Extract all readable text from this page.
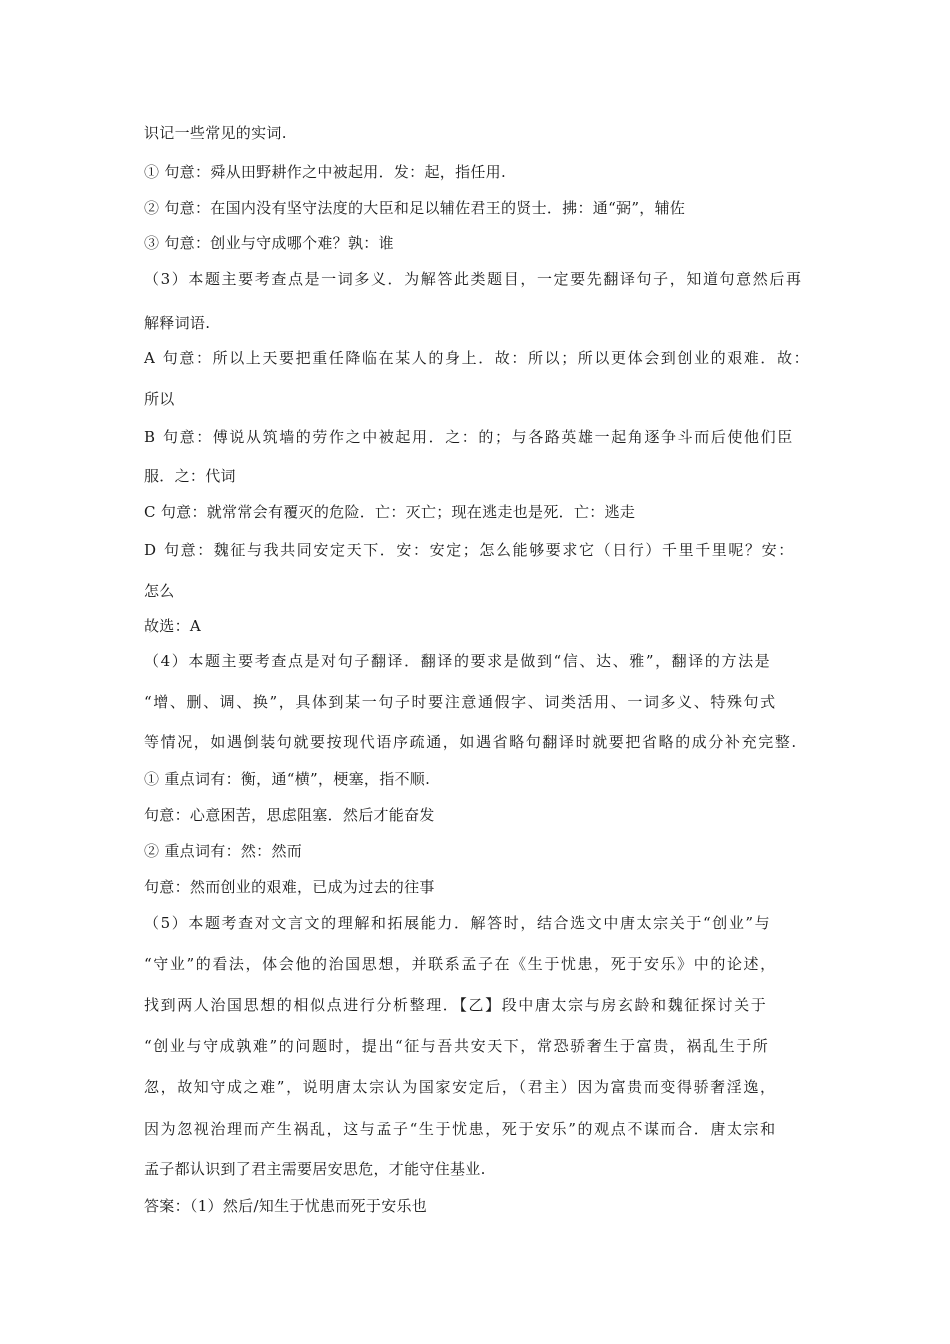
识记一些常见的实词.
① 句意：舜从田野耕作之中被起用．发：起，指任用.
② 句意：在国内没有坚守法度的大臣和足以辅佐君王的贤士．拂：通“弼”，辅佐
③ 句意：创业与守成哪个难？孰：谁
（3）本题主要考查点是一词多义．为解答此类题目，一定要先翻译句子，知道句意然后再
解释词语.
A 句意：所以上天要把重任降临在某人的身上．故：所以；所以更体会到创业的艰难．故：
所以
B 句意：傅说从筑墙的劳作之中被起用．之：的；与各路英雄一起角逐争斗而后使他们臣
服．之：代词
C 句意：就常常会有覆灭的危险．亡：灭亡；现在逃走也是死．亡：逃走
D 句意：魏征与我共同安定天下．安：安定；怎么能够要求它（日行）千里千里呢？安：
怎么
故选：A
（4）本题主要考查点是对句子翻译．翻译的要求是做到“信、达、雅”，翻译的方法是
“增、删、调、换”，具体到某一句子时要注意通假字、词类活用、一词多义、特殊句式
等情况，如遇倒装句就要按现代语序疏通，如遇省略句翻译时就要把省略的成分补充完整.
① 重点词有：衡，通“横”，梗塞，指不顺.
句意：心意困苦，思虑阻塞．然后才能奋发
② 重点词有：然：然而
句意：然而创业的艰难，已成为过去的往事
（5）本题考查对文言文的理解和拓展能力．解答时，结合选文中唐太宗关于“创业”与
“守业”的看法，体会他的治国思想，并联系孟子在《生于忧患，死于安乐》中的论述，
找到两人治国思想的相似点进行分析整理．【乙】段中唐太宗与房玄龄和魏征探讨关于
“创业与守成孰难”的问题时，提出“征与吾共安天下，常恐骄奢生于富贵，祸乱生于所
忽，故知守成之难”，说明唐太宗认为国家安定后，（君主）因为富贵而变得骄奢淫逸，
因为忽视治理而产生祸乱，这与孟子“生于忧患，死于安乐”的观点不谋而合．唐太宗和
孟子都认识到了君主需要居安思危，才能守住基业.
答案：（1）然后/知生于忧患而死于安乐也
